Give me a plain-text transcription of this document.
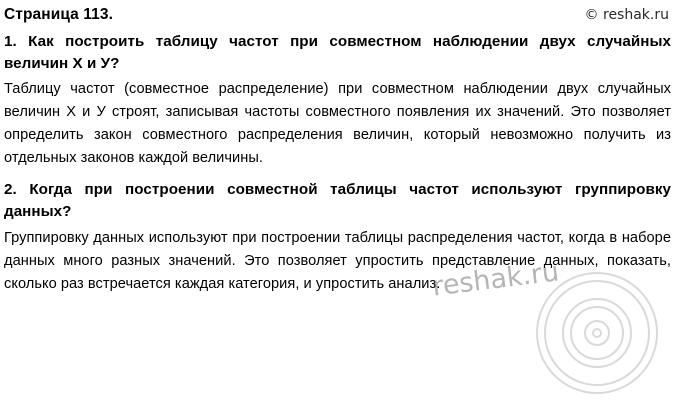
Страница 113.	© reshak.ru

1. Как построить таблицу частот при совместном наблюдении двух случайных величин X и У?

Таблицу частот (совместное распределение) при совместном наблюдении двух случайных величин X и У строят, записывая частоты совместного появления их значений. Это позволяет определить закон совместного распределения величин, который невозможно получить из отдельных законов каждой величины.

2. Когда при построении совместной таблицы частот используют группировку данных?

Группировку данных используют при построении таблицы распределения частот, когда в наборе данных много разных значений. Это позволяет упростить представление данных, показать, сколько раз встречается каждая категория, и упростить анализ.

reshak.ru
